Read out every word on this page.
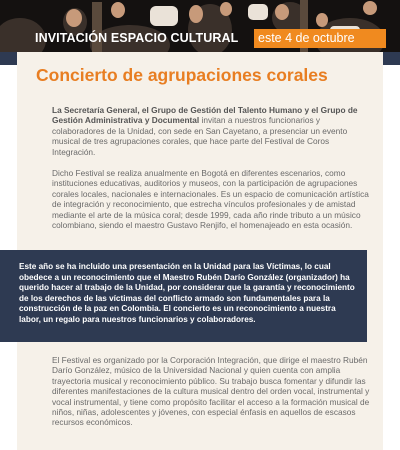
INVITACIÓN ESPACIO CULTURAL	este 4 de octubre
Concierto de agrupaciones corales

La Secretaría General, el Grupo de Gestión del Talento Humano y el Grupo de Gestión Administrativa y Documental invitan a nuestros funcionarios y colaboradores de la Unidad, con sede en San Cayetano, a presenciar un evento musical de tres agrupaciones corales, que hace parte del Festival de Coros Integración.

Dicho Festival se realiza anualmente en Bogotá en diferentes escenarios, como instituciones educativas, auditorios y museos, con la participación de agrupaciones corales locales, nacionales e internacionales. Es un espacio de comunicación artística de integración y reconocimiento, que estrecha vínculos profesionales y de amistad mediante el arte de la música coral; desde 1999, cada año rinde tributo a un músico colombiano, siendo el maestro Gustavo Renjifo, el homenajeado en esta ocasión.

Este año se ha incluido una presentación en la Unidad para las Víctimas, lo cual obedece a un reconocimiento que el Maestro Rubén Darío González (organizador) ha querido hacer al trabajo de la Unidad, por considerar que la garantía y reconocimiento de los derechos de las víctimas del conflicto armado son fundamentales para la construcción de la paz en Colombia. El concierto es un reconocimiento a nuestra labor, un regalo para nuestros funcionarios y colaboradores.

El Festival es organizado por la Corporación Integración, que dirige el maestro Rubén Darío González, músico de la Universidad Nacional y quien cuenta con amplia trayectoria musical y reconocimiento público. Su trabajo busca fomentar y difundir las diferentes manifestaciones de la cultura musical dentro del orden vocal, instrumental y vocal instrumental, y tiene como propósito facilitar el acceso a la formación musical de niños, niñas, adolescentes y jóvenes, con especial énfasis en aquellos de escasos recursos económicos.
